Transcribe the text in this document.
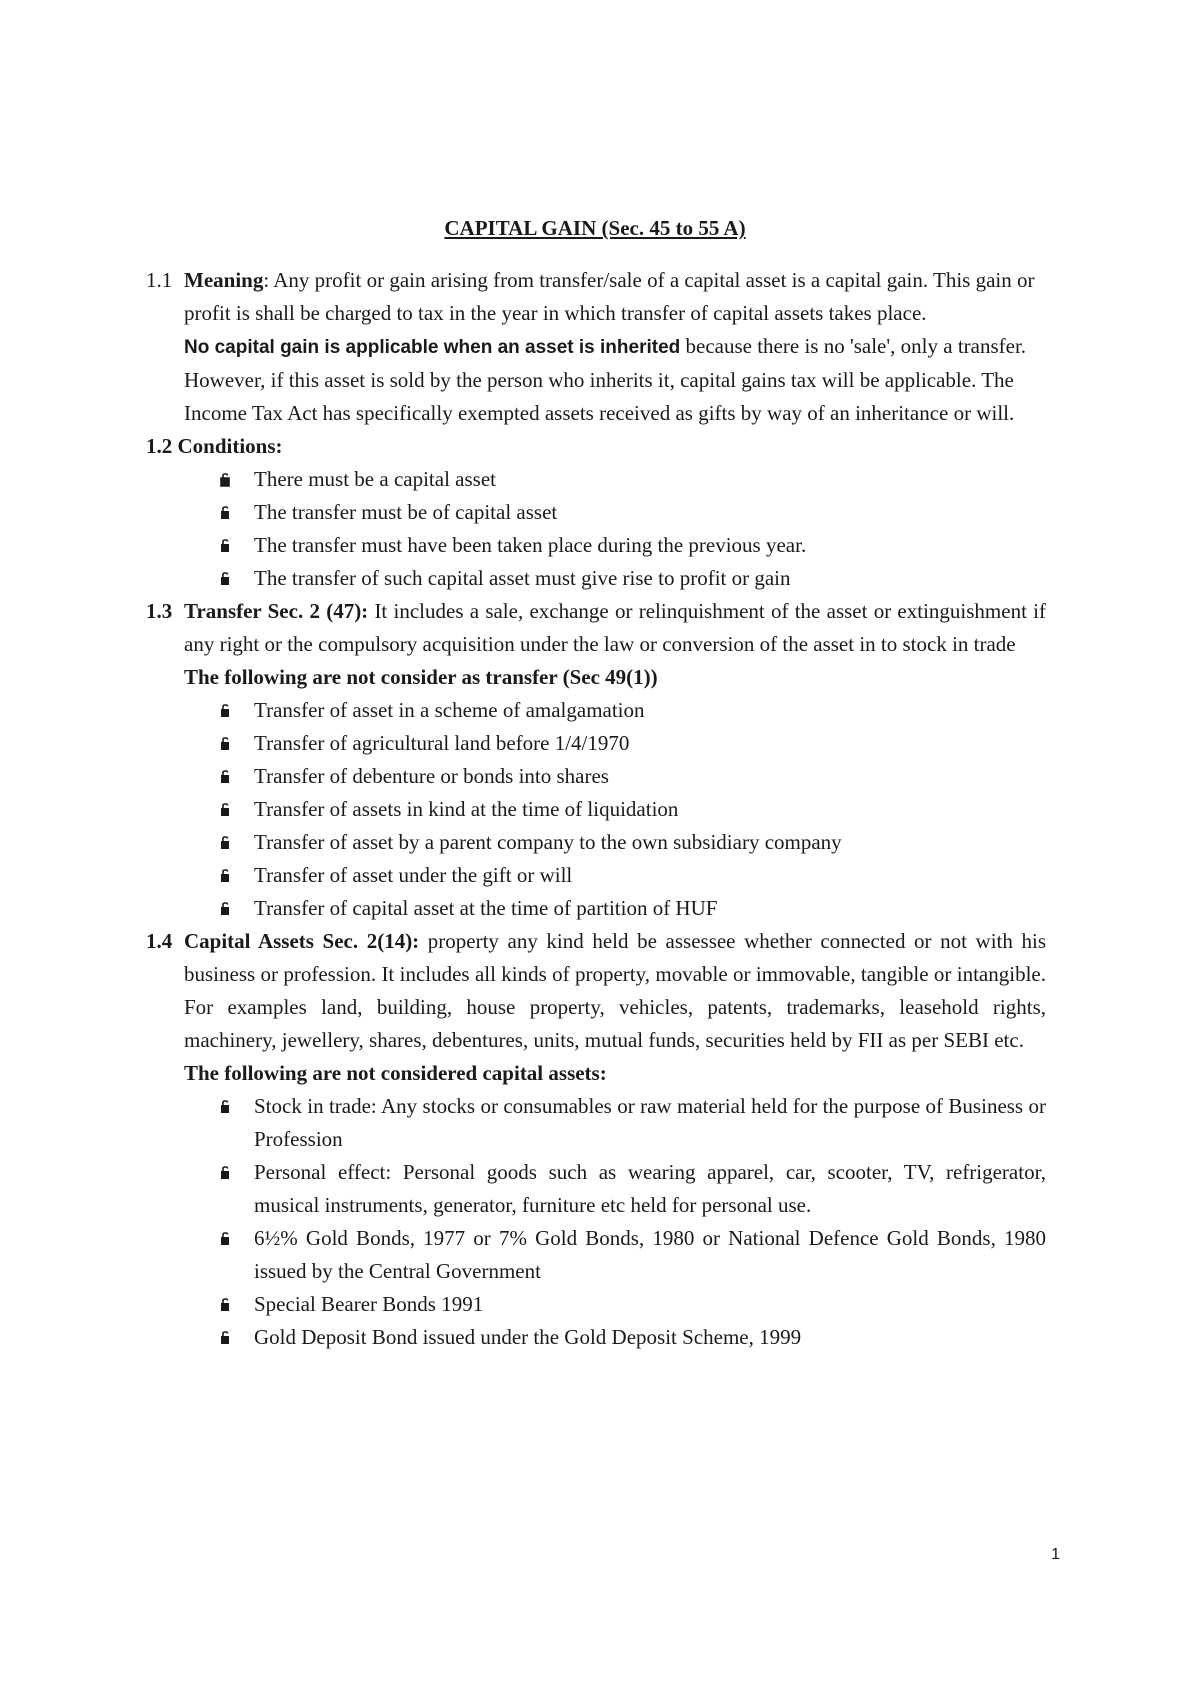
CAPITAL GAIN (Sec. 45 to 55 A)
1.1 Meaning: Any profit or gain arising from transfer/sale of a capital asset is a capital gain. This gain or profit is shall be charged to tax in the year in which transfer of capital assets takes place.
No capital gain is applicable when an asset is inherited because there is no 'sale', only a transfer. However, if this asset is sold by the person who inherits it, capital gains tax will be applicable. The Income Tax Act has specifically exempted assets received as gifts by way of an inheritance or will.
1.2 Conditions:
There must be a capital asset
The transfer must be of capital asset
The transfer must have been taken place during the previous year.
The transfer of such capital asset must give rise to profit or gain
1.3 Transfer Sec. 2 (47): It includes a sale, exchange or relinquishment of the asset or extinguishment if any right or the compulsory acquisition under the law or conversion of the asset in to stock in trade
The following are not consider as transfer (Sec 49(1))
Transfer of asset in a scheme of amalgamation
Transfer of agricultural land before 1/4/1970
Transfer of debenture or bonds into shares
Transfer of assets in kind at the time of liquidation
Transfer of asset by a parent company to the own subsidiary company
Transfer of asset under the gift or will
Transfer of capital asset at the time of partition of HUF
1.4 Capital Assets Sec. 2(14): property any kind held be assessee whether connected or not with his business or profession. It includes all kinds of property, movable or immovable, tangible or intangible. For examples land, building, house property, vehicles, patents, trademarks, leasehold rights, machinery, jewellery, shares, debentures, units, mutual funds, securities held by FII as per SEBI etc.
The following are not considered capital assets:
Stock in trade: Any stocks or consumables or raw material held for the purpose of Business or Profession
Personal effect: Personal goods such as wearing apparel, car, scooter, TV, refrigerator, musical instruments, generator, furniture etc held for personal use.
6½% Gold Bonds, 1977 or 7% Gold Bonds, 1980 or National Defence Gold Bonds, 1980 issued by the Central Government
Special Bearer Bonds 1991
Gold Deposit Bond issued under the Gold Deposit Scheme, 1999
1
